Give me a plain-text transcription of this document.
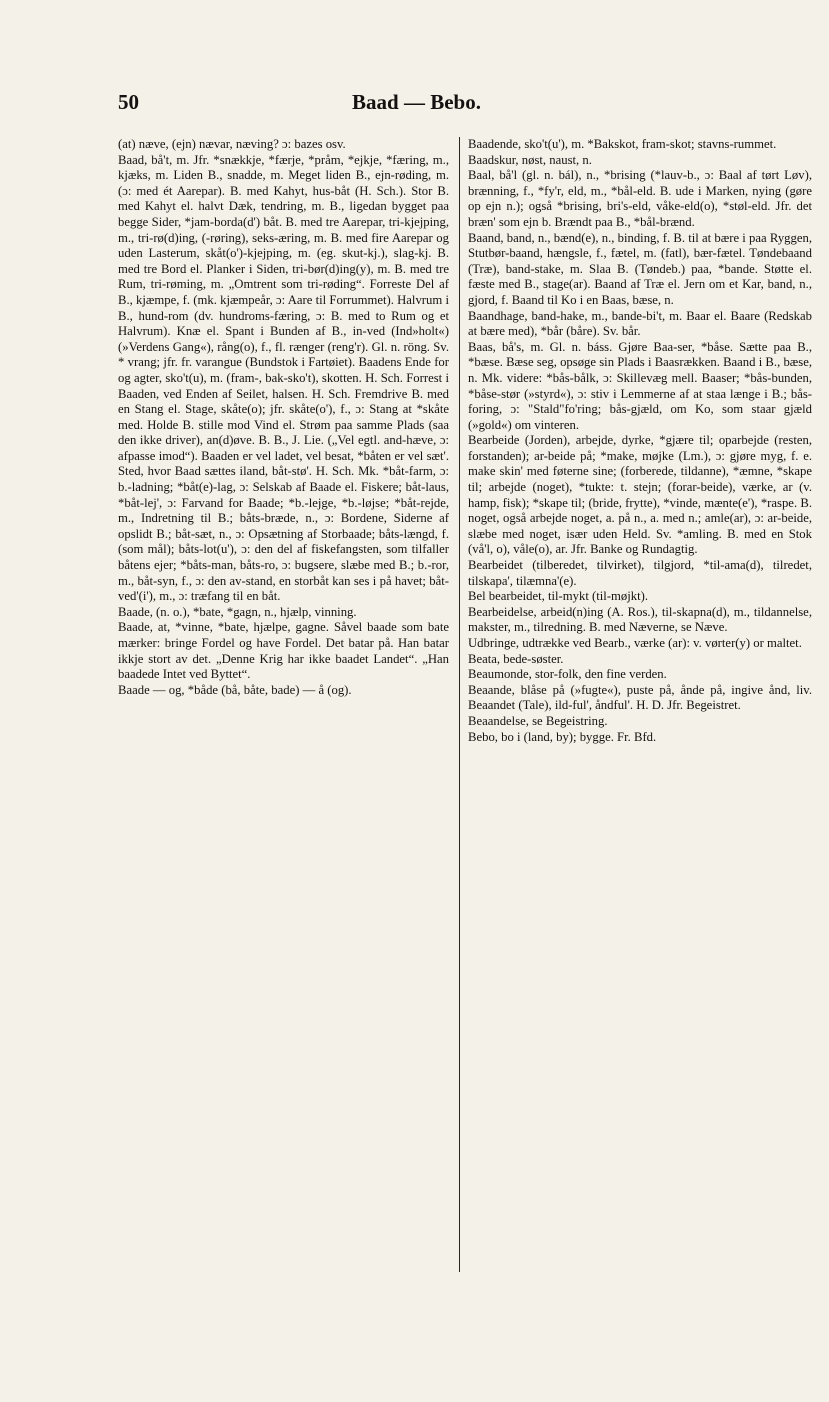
50	Baad — Bebo.

(at) næve, (ejn) nævar, næving? ɔ: bazes osv.

Baad, bå't, m. Jfr. *snækkje, *færje, *pråm, *ejkje, *færing, m., kjæks, m. Liden B., snadde, m. Meget liden B., ejn-røding, m. (ɔ: med ét Aarepar). B. med Kahyt, hus-båt (H. Sch.). Stor B. med Kahyt el. halvt Dæk, tendring, m. B., ligedan bygget paa begge Sider, *jam-borda(d') båt. B. med tre Aarepar, tri-kjejping, m., tri-rø(d)ing, (-røring), seks-æring, m. B. med fire Aarepar og uden Lasterum, skåt(o')-kjejping, m. (eg. skut-kj.), slag-kj. B. med tre Bord el. Planker i Siden, tri-bør(d)ing(y), m. B. med tre Rum, tri-røming, m. „Omtrent som tri-røding“. Forreste Del af B., kjæmpe, f. (mk. kjæmpeår, ɔ: Aare til Forrummet). Halvrum i B., hund-rom (dv. hundroms-færing, ɔ: B. med to Rum og et Halvrum). Knæ el. Spant i Bunden af B., in-ved (Ind»holt«) (»Verdens Gang«), rång(o), f., fl. rænger (reng'r). Gl. n. röng. Sv. * vrang; jfr. fr. varangue (Bundstok i Fartøiet). Baadens Ende for og agter, sko't(u), m. (fram-, bak-sko't), skotten. H. Sch. Forrest i Baaden, ved Enden af Seilet, halsen. H. Sch. Fremdrive B. med en Stang el. Stage, skåte(o); jfr. skåte(o'), f., ɔ: Stang at *skåte med. Holde B. stille mod Vind el. Strøm paa samme Plads (saa den ikke driver), an(d)øve. B. B., J. Lie. („Vel egtl. and-hæve, ɔ: afpasse imod“). Baaden er vel ladet, vel besat, *båten er vel sæt'. Sted, hvor Baad sættes iland, båt-stø'. H. Sch. Mk. *båt-farm, ɔ: b.-ladning; *båt(e)-lag, ɔ: Selskab af Baade el. Fiskere; båt-laus, *båt-lej', ɔ: Farvand for Baade; *b.-lejge, *b.-løjse; *båt-rejde, m., Indretning til B.; båts-bræde, n., ɔ: Bordene, Siderne af opslidt B.; båt-sæt, n., ɔ: Opsætning af Storbaade; båts-længd, f. (som mål); båts-lot(u'), ɔ: den del af fiskefangsten, som tilfaller båtens ejer; *båts-man, båts-ro, ɔ: bugsere, slæbe med B.; b.-ror, m., båt-syn, f., ɔ: den av-stand, en storbåt kan ses i på havet; båt-ved'(i'), m., ɔ: træfang til en båt.

Baade, (n. o.), *bate, *gagn, n., hjælp, vinning.

Baade, at, *vinne, *bate, hjælpe, gagne. Såvel baade som bate mærker: bringe Fordel og have Fordel. Det batar på. Han batar ikkje stort av det. „Denne Krig har ikke baadet Landet“. „Han baadede Intet ved Byttet“.

Baade — og, *både (bå, båte, bade) — å (og).

Baadende, sko't(u'), m. *Bakskot, fram-skot; stavns-rummet.

Baadskur, nøst, naust, n.

Baal, bå'l (gl. n. bál), n., *brising (*lauv-b., ɔ: Baal af tørt Løv), brænning, f., *fy'r, eld, m., *bål-eld. B. ude i Marken, nying (gøre op ejn n.); også *brising, bri's-eld, våke-eld(o), *støl-eld. Jfr. det bræn' som ejn b. Brændt paa B., *bål-brænd.

Baand, band, n., bænd(e), n., binding, f. B. til at bære i paa Ryggen, Stutbør-baand, hængsle, f., fætel, m. (fatl), bær-fætel. Tøndebaand (Træ), band-stake, m. Slaa B. (Tøndeb.) paa, *bande. Støtte el. fæste med B., stage(ar). Baand af Træ el. Jern om et Kar, band, n., gjord, f. Baand til Ko i en Baas, bæse, n.

Baandhage, band-hake, m., bande-bi't, m. Baar el. Baare (Redskab at bære med), *bår (båre). Sv. bår.

Baas, bå's, m. Gl. n. báss. Gjøre Baa-ser, *båse. Sætte paa B., *bæse. Bæse seg, opsøge sin Plads i Baasrækken. Baand i B., bæse, n. Mk. videre: *bås-bålk, ɔ: Skillevæg mell. Baaser; *bås-bunden, *båse-stør (»styrd«), ɔ: stiv i Lemmerne af at staa længe i B.; bås-foring, ɔ: "Stald"fo'ring; bås-gjæld, om Ko, som staar gjæld (»gold«) om vinteren.

Bearbeide (Jorden), arbejde, dyrke, *gjære til; oparbejde (resten, forstanden); ar-beide på; *make, møjke (Lm.), ɔ: gjøre myg, f. e. make skin' med føterne sine; (forberede, tildanne), *æmne, *skape til; arbejde (noget), *tukte: t. stejn; (forar-beide), værke, ar (v. hamp, fisk); *skape til; (bride, frytte), *vinde, mænte(e'), *raspe. B. noget, også arbejde noget, a. på n., a. med n.; amle(ar), ɔ: ar-beide, slæbe med noget, især uden Held. Sv. *amling. B. med en Stok (vå'l, o), våle(o), ar. Jfr. Banke og Rundagtig.

Bearbeidet (tilberedet, tilvirket), tilgjord, *til-ama(d), tilredet, tilskapa', tilæmna'(e).

Bel bearbeidet, til-mykt (til-møjkt).

Bearbeidelse, arbeid(n)ing (A. Ros.), til-skapna(d), m., tildannelse, makster, m., tilredning. B. med Næverne, se Næve.

Udbringe, udtrække ved Bearb., værke (ar): v. vørter(y) or maltet.

Beata, bede-søster.

Beaumonde, stor-folk, den fine verden.

Beaande, blåse på (»fugte«), puste på, ånde på, ingive ånd, liv. Beaandet (Tale), ild-ful', åndful'. H. D. Jfr. Begeistret.

Beaandelse, se Begeistring.

Bebo, bo i (land, by); bygge. Fr. Bfd.
